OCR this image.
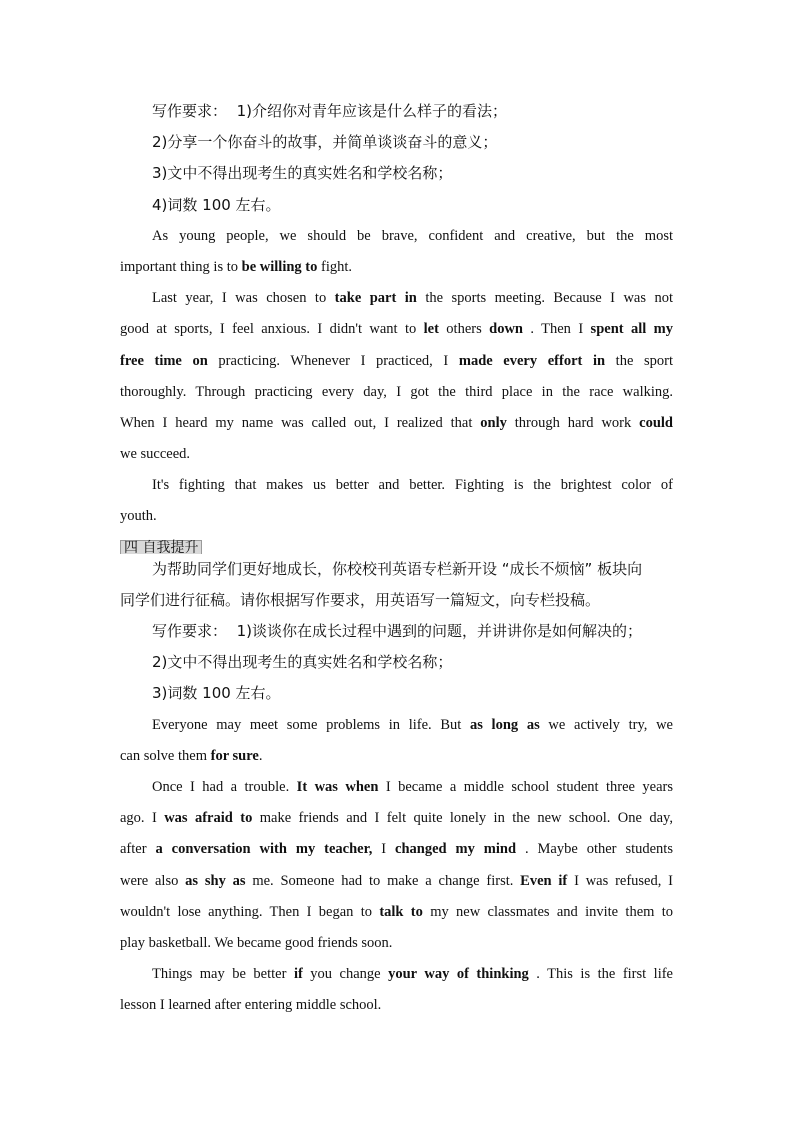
写作要求： 1)介绍你对青年应该是什么样子的看法；
2)分享一个你奋斗的故事，并简单谈谈奋斗的意义；
3)文中不得出现考生的真实姓名和学校名称；
4)词数 100 左右。
As young people, we should be brave, confident and creative, but the most
important thing is to be willing to fight.
Last year, I was chosen to take part in the sports meeting. Because I was not
good at sports, I feel anxious. I didn't want to let others down . Then I spent all my
free time on practicing. Whenever I practiced, I made every effort in the sport
thoroughly. Through practicing every day, I got the third place in the race walking.
When I heard my name was called out, I realized that only through hard work could
we succeed.
It's fighting that makes us better and better. Fighting is the brightest color of
youth.
四 自我提升
为帮助同学们更好地成长，你校校刊英语专栏新开设 “成长不烦恼” 板块向
同学们进行征稿。请你根据写作要求，用英语写一篇短文，向专栏投稿。
写作要求： 1)谈谈你在成长过程中遇到的问题，并讲讲你是如何解决的；
2)文中不得出现考生的真实姓名和学校名称；
3)词数 100 左右。
Everyone may meet some problems in life. But as long as we actively try, we
can solve them for sure.
Once I had a trouble. It was when I became a middle school student three years
ago. I was afraid to make friends and I felt quite lonely in the new school. One day,
after a conversation with my teacher, I changed my mind . Maybe other students
were also as shy as me. Someone had to make a change first. Even if I was refused, I
wouldn't lose anything. Then I began to talk to my new classmates and invite them to
play basketball. We became good friends soon.
Things may be better if you change your way of thinking . This is the first life
lesson I learned after entering middle school.
